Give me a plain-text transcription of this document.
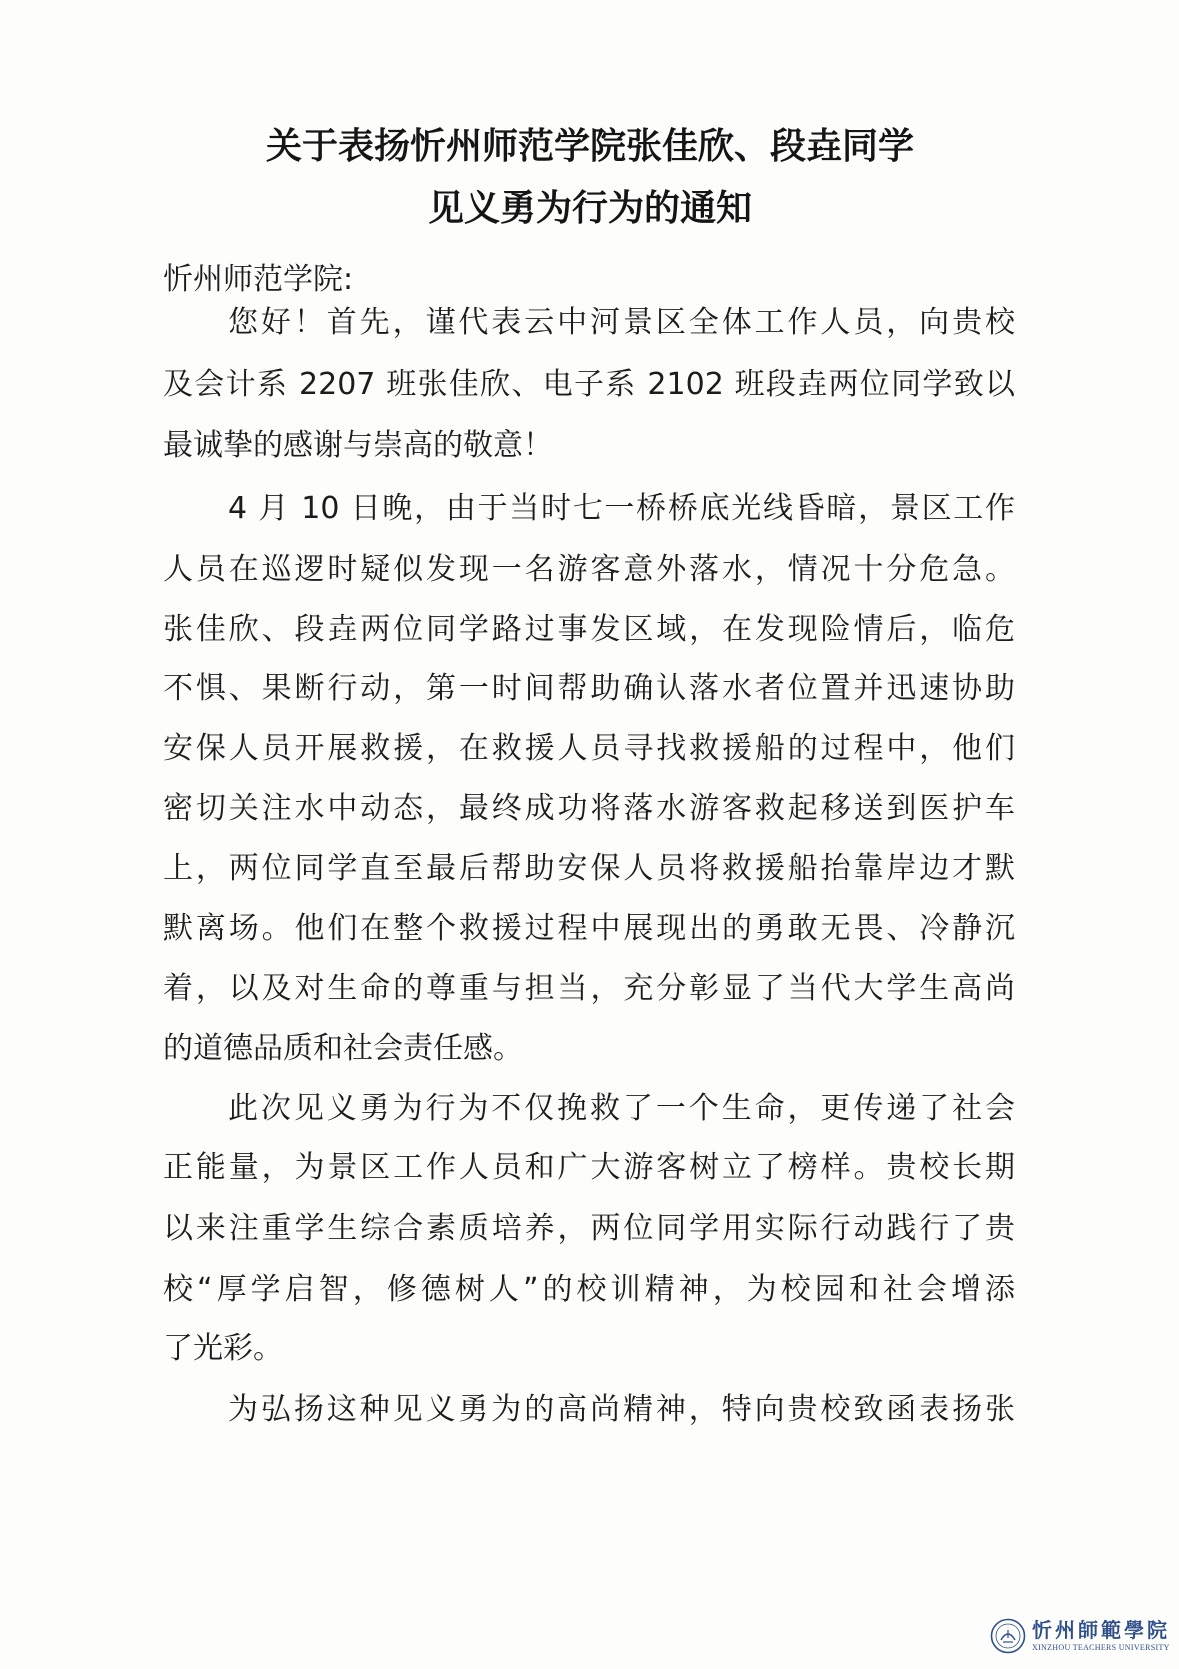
关于表扬忻州师范学院张佳欣、段垚同学
见义勇为行为的通知
忻州师范学院:
您好！首先，谨代表云中河景区全体工作人员，向贵校
及会计系 2207 班张佳欣、电子系 2102 班段垚两位同学致以
最诚挚的感谢与崇高的敬意！
4 月 10 日晚，由于当时七一桥桥底光线昏暗，景区工作
人员在巡逻时疑似发现一名游客意外落水，情况十分危急。
张佳欣、段垚两位同学路过事发区域，在发现险情后，临危
不惧、果断行动，第一时间帮助确认落水者位置并迅速协助
安保人员开展救援，在救援人员寻找救援船的过程中，他们
密切关注水中动态，最终成功将落水游客救起移送到医护车
上，两位同学直至最后帮助安保人员将救援船抬靠岸边才默
默离场。他们在整个救援过程中展现出的勇敢无畏、冷静沉
着，以及对生命的尊重与担当，充分彰显了当代大学生高尚
的道德品质和社会责任感。
此次见义勇为行为不仅挽救了一个生命，更传递了社会
正能量，为景区工作人员和广大游客树立了榜样。贵校长期
以来注重学生综合素质培养，两位同学用实际行动践行了贵
校“厚学启智，修德树人”的校训精神，为校园和社会增添
了光彩。
为弘扬这种见义勇为的高尚精神，特向贵校致函表扬张
忻州師範學院
XINZHOU TEACHERS UNIVERSITY
